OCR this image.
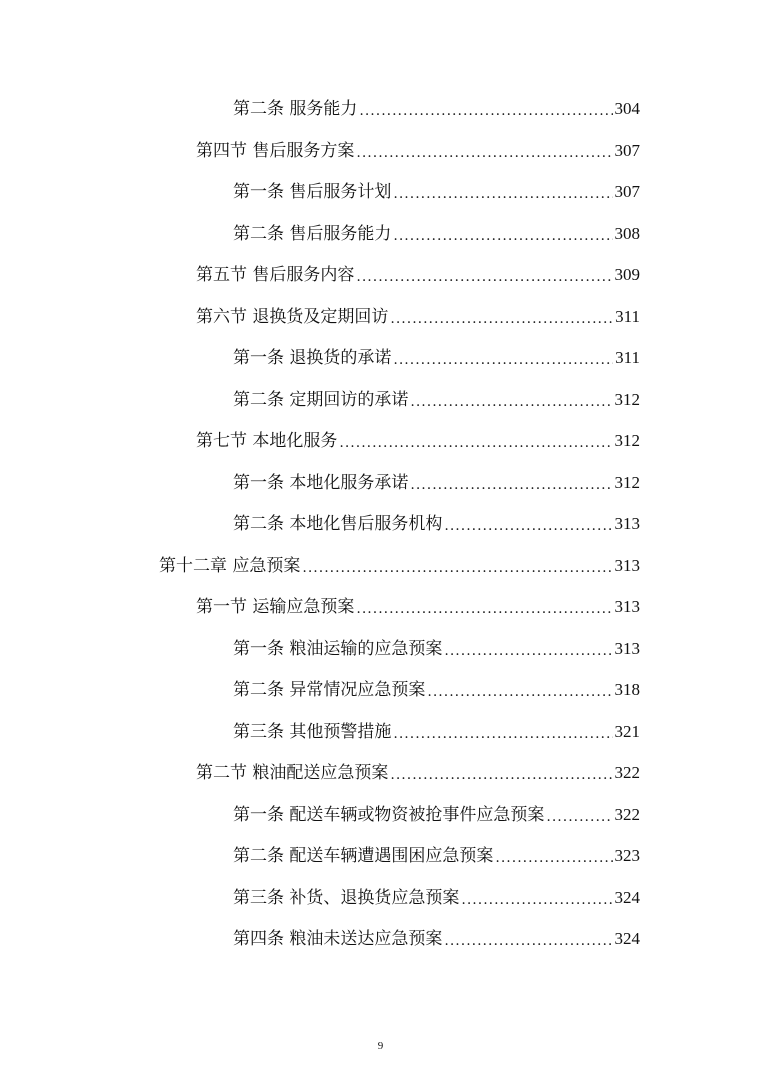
第二条 服务能力 .....	304
第四节 售后服务方案 .....	307
第一条 售后服务计划 .....	307
第二条 售后服务能力 .....	308
第五节 售后服务内容 .....	309
第六节 退换货及定期回访 .....	311
第一条 退换货的承诺 .....	311
第二条 定期回访的承诺 .....	312
第七节 本地化服务 .....	312
第一条 本地化服务承诺 .....	312
第二条 本地化售后服务机构 .....	313
第十二章 应急预案 .....	313
第一节 运输应急预案 .....	313
第一条 粮油运输的应急预案 .....	313
第二条 异常情况应急预案 .....	318
第三条 其他预警措施 .....	321
第二节 粮油配送应急预案 .....	322
第一条 配送车辆或物资被抢事件应急预案 .....	322
第二条 配送车辆遭遇围困应急预案 .....	323
第三条 补货、退换货应急预案 .....	324
第四条 粮油未送达应急预案 .....	324
9
